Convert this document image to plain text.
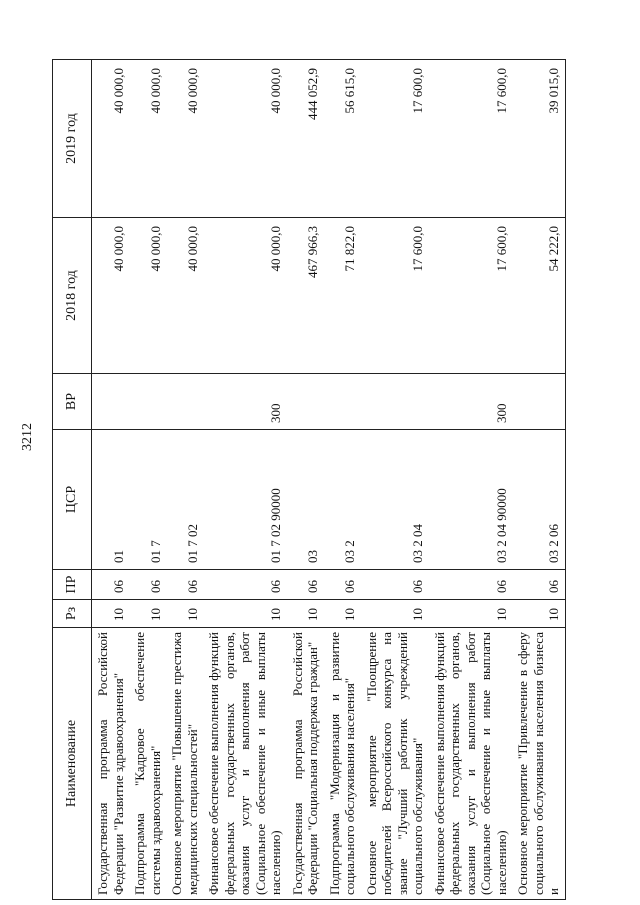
3212
Наименование	Рз	ПР	ЦСР	ВР	2018 год	2019 год
Государственная программа Российской Федерации "Развитие здравоохранения"	10	06	01		40 000,0	40 000,0
Подпрограмма "Кадровое обеспечение системы здравоохранения"	10	06	01 7		40 000,0	40 000,0
Основное мероприятие "Повышение престижа медицинских специальностей"	10	06	01 7 02		40 000,0	40 000,0
Финансовое обеспечение выполнения функций федеральных государственных органов, оказания услуг и выполнения работ (Социальное обеспечение и иные выплаты населению)	10	06	01 7 02 90000	300	40 000,0	40 000,0
Государственная программа Российской Федерации "Социальная поддержка граждан"	10	06	03		467 966,3	444 052,9
Подпрограмма "Модернизация и развитие социального обслуживания населения"	10	06	03 2		71 822,0	56 615,0
Основное мероприятие "Поощрение победителей Всероссийского конкурса на звание "Лучший работник учреждений социального обслуживания"	10	06	03 2 04		17 600,0	17 600,0
Финансовое обеспечение выполнения функций федеральных государственных органов, оказания услуг и выполнения работ (Социальное обеспечение и иные выплаты населению)	10	06	03 2 04 90000	300	17 600,0	17 600,0
Основное мероприятие "Привлечение в сферу социального обслуживания населения бизнеса и	10	06	03 2 06		54 222,0	39 015,0
